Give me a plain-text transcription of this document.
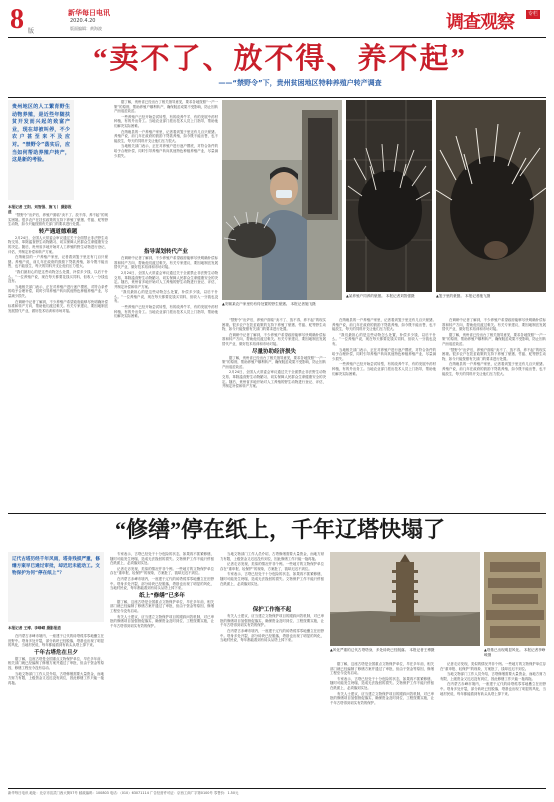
8 版
新华每日电讯
2020.4.20
版面编辑：黄海波	调查观察	专栏
“卖不了、放不得、养不起”
——“禁野令”下，贵州贫困地区特种养殖户转产调查
贵州地区的人工繁育野生动物养殖，是近些年随扶贫开发而兴起的致富产业，现在却被叫停，不少农户甚至来不及应对。“禁野令”落实后，应当如何帮助养殖户转产，这是新的考验。
本报记者 王阳、刘智强、施飞丨 摄影报道

“禁野令”出炉后，养殖户面临“卖不了、放不得、养不起”的现实困境。很多农户在扶贫政策的支持下养殖了豪猪、竹鼠、蛇等野生动物，如今只能按照有关部门的要求进行处置。

转产遇道德难题

2月24日，全国人大常委会审议通过关于全面禁止非法野生动物交易、革除滥食野生动物陋习、切实保障人民群众生命健康安全的决定。随后，贵州省多地开始对人工养殖的野生动物进行登记、评估，并制定补偿和转产方案。

在纳雍县的一户养殖户家里，记者看到笼子里还有几百只豪猪。养殖户说，前几年在政府的鼓励下贷款养殖，如今既不能出售，也不能放生，每天的饲料开支让他们压力很大。

“我们最担心的是这些动物怎么处置，补偿多少钱，以后干什么。”一位养殖户说，现在每天都要花钱买饲料，但收入一分钱也没有。

当地相关部门表示，正在对养殖户进行逐户摸底，对符合条件的给予合理补偿，同时引导养殖户转向其他特色种植养殖产业，尽量减少损失。

在调研中记者了解到，不少养殖户希望政府能够尽快明确补偿标准和转产方向，帮助他们渡过难关。有关专家建议，要因地制宜发展替代产业，做好技术培训和市场对接。

据了解，贵州省已经出台了相关指导意见，要求各地按照“一户一策”的原则，帮助养殖户顺利转产，确保脱贫成果不受影响，防止因转产而返贫致贫。

一些养殖户已经开始尝试转型，有的改养牛羊，有的发展中药材种植，有的外出务工。当地农业部门派出技术人员上门指导，帮助他们解决实际困难。

在纳雍县的一户养殖户家里，记者看到笼子里还有几百只豪猪。养殖户说，前几年在政府的鼓励下贷款养殖，如今既不能出售，也不能放生，每天的饲料开支让他们压力很大。

当地相关部门表示，正在对养殖户进行逐户摸底，对符合条件的给予合理补偿，同时引导养殖户转向其他特色种植养殖产业，尽量减少损失。

指导谋划转代产业

在调研中记者了解到，不少养殖户希望政府能够尽快明确补偿标准和转产方向，帮助他们渡过难关。有关专家建议，要因地制宜发展替代产业，做好技术培训和市场对接。

2月24日，全国人大常委会审议通过关于全面禁止非法野生动物交易、革除滥食野生动物陋习、切实保障人民群众生命健康安全的决定。随后，贵州省多地开始对人工养殖的野生动物进行登记、评估，并制定补偿和转产方案。

“我们最担心的是这些动物怎么处置，补偿多少钱，以后干什么。”一位养殖户说，现在每天都要花钱买饲料，但收入一分钱也没有。

一些养殖户已经开始尝试转型，有的改养牛羊，有的发展中药材种植，有的外出务工。当地农业部门派出技术人员上门指导，帮助他们解决实际困难。

▲安顺某农户家里仍有待处置的野生豪猪。 本报记者施飞摄
▲某养殖户饲养的豪猪。 本报记者刘智强摄	▲笼子里的豪猪。 本报记者施飞摄

“禁野令”出炉后，养殖户面临“卖不了、放不得、养不起”的现实困境。很多农户在扶贫政策的支持下养殖了豪猪、竹鼠、蛇等野生动物，如今只能按照有关部门的要求进行处置。

在调研中记者了解到，不少养殖户希望政府能够尽快明确补偿标准和转产方向，帮助他们渡过难关。有关专家建议，要因地制宜发展替代产业，做好技术培训和市场对接。

尽量协助经济损失

据了解，贵州省已经出台了相关指导意见，要求各地按照“一户一策”的原则，帮助养殖户顺利转产，确保脱贫成果不受影响，防止因转产而返贫致贫。

2月24日，全国人大常委会审议通过关于全面禁止非法野生动物交易、革除滥食野生动物陋习、切实保障人民群众生命健康安全的决定。随后，贵州省多地开始对人工养殖的野生动物进行登记、评估，并制定补偿和转产方案。

在纳雍县的一户养殖户家里，记者看到笼子里还有几百只豪猪。养殖户说，前几年在政府的鼓励下贷款养殖，如今既不能出售，也不能放生，每天的饲料开支让他们压力很大。

“我们最担心的是这些动物怎么处置，补偿多少钱，以后干什么。”一位养殖户说，现在每天都要花钱买饲料，但收入一分钱也没有。

当地相关部门表示，正在对养殖户进行逐户摸底，对符合条件的给予合理补偿，同时引导养殖户转向其他特色种植养殖产业，尽量减少损失。

一些养殖户已经开始尝试转型，有的改养牛羊，有的发展中药材种植，有的外出务工。当地农业部门派出技术人员上门指导，帮助他们解决实际困难。

在调研中记者了解到，不少养殖户希望政府能够尽快明确补偿标准和转产方向，帮助他们渡过难关。有关专家建议，要因地制宜发展替代产业，做好技术培训和市场对接。

据了解，贵州省已经出台了相关指导意见，要求各地按照“一户一策”的原则，帮助养殖户顺利转产，确保脱贫成果不受影响，防止因转产而返贫致贫。

“禁野令”出炉后，养殖户面临“卖不了、放不得、养不起”的现实困境。很多农户在扶贫政策的支持下养殖了豪猪、竹鼠、蛇等野生动物，如今只能按照有关部门的要求进行处置。

在纳雍县的一户养殖户家里，记者看到笼子里还有几百只豪猪。养殖户说，前几年在政府的鼓励下贷款养殖，如今既不能出售，也不能放生，每天的饲料开支让他们压力很大。

“修缮”停在纸上，千年辽塔快塌了
辽代古塔历经千年风雨，塔身残损严重，修缮方案早已通过审批，却迟迟未能动工。文物保护为何“停在纸上”？
本报记者 王博、李峥嵘 摄影报道

在内蒙古赤峰市境内，一座建于辽代的砖塔孤零零地矗立在田野中。塔身多处开裂，部分砖块已经脱落，塔基也出现了明显的风化，当地村民说，每年都能看到有砖头从塔上掉下来。

千年古塔危在旦夕

据了解，这座古塔是全国重点文物保护单位，早在多年前，相关部门就已经编制了修缮方案并通过了审批，但由于资金等原因，修缮工程至今没有启动。

当地文物部门工作人员介绍，古塔修缮需要大量资金，而地方财力有限，上级资金又迟迟没有到位，因此修缮工作只能一拖再拖。

专家表示，古塔已经处于十分危险的状态，如果再不抓紧修缮，随时可能发生坍塌，造成无法挽回的损失。文物保护工作不能只停留在纸面上，必须落到实处。

记者走访发现，类似的情况并非个例。一些地方的文物保护单位存在“重申报、轻保护”的现象，方案批了，钱却迟迟不到位。

在内蒙古赤峰市境内，一座建于辽代的砖塔孤零零地矗立在田野中。塔身多处开裂，部分砖块已经脱落，塔基也出现了明显的风化，当地村民说，每年都能看到有砖头从塔上掉下来。

纸上“修缮”已多年

据了解，这座古塔是全国重点文物保护单位，早在多年前，相关部门就已经编制了修缮方案并通过了审批，但由于资金等原因，修缮工程至今没有启动。

有关人士建议，应当建立文物保护项目的跟踪问效机制，对已审批的修缮项目加强督促落实，确保资金及时到位、工程按期实施，让千年古塔得到切实有效的保护。

当地文物部门工作人员介绍，古塔修缮需要大量资金，而地方财力有限，上级资金又迟迟没有到位，因此修缮工作只能一拖再拖。

记者走访发现，类似的情况并非个例。一些地方的文物保护单位存在“重申报、轻保护”的现象，方案批了，钱却迟迟不到位。

专家表示，古塔已经处于十分危险的状态，如果再不抓紧修缮，随时可能发生坍塌，造成无法挽回的损失。文物保护工作不能只停留在纸面上，必须落到实处。

保护工作拖不起

有关人士建议，应当建立文物保护项目的跟踪问效机制，对已审批的修缮项目加强督促落实，确保资金及时到位、工程按期实施，让千年古塔得到切实有效的保护。

在内蒙古赤峰市境内，一座建于辽代的砖塔孤零零地矗立在田野中。塔身多处开裂，部分砖块已经脱落，塔基也出现了明显的风化，当地村民说，每年都能看到有砖头从塔上掉下来。

▲风化严重的辽代古塔塔身，多处砖块已经脱落。 本报记者王博摄	▲塔基已出现明显风化。 本报记者李峥嵘摄

据了解，这座古塔是全国重点文物保护单位，早在多年前，相关部门就已经编制了修缮方案并通过了审批，但由于资金等原因，修缮工程至今没有启动。

专家表示，古塔已经处于十分危险的状态，如果再不抓紧修缮，随时可能发生坍塌，造成无法挽回的损失。文物保护工作不能只停留在纸面上，必须落到实处。

有关人士建议，应当建立文物保护项目的跟踪问效机制，对已审批的修缮项目加强督促落实，确保资金及时到位、工程按期实施，让千年古塔得到切实有效的保护。

记者走访发现，类似的情况并非个例。一些地方的文物保护单位存在“重申报、轻保护”的现象，方案批了，钱却迟迟不到位。

当地文物部门工作人员介绍，古塔修缮需要大量资金，而地方财力有限，上级资金又迟迟没有到位，因此修缮工作只能一拖再拖。

在内蒙古赤峰市境内，一座建于辽代的砖塔孤零零地矗立在田野中。塔身多处开裂，部分砖块已经脱落，塔基也出现了明显的风化，当地村民说，每年都能看到有砖头从塔上掉下来。

新华每日电讯 地址：北京市宣武门西大街57号 邮政编码：100803 电话：（010）63071114 广告经营许可证：京西工商广字第0100号 零售价：1.50元
